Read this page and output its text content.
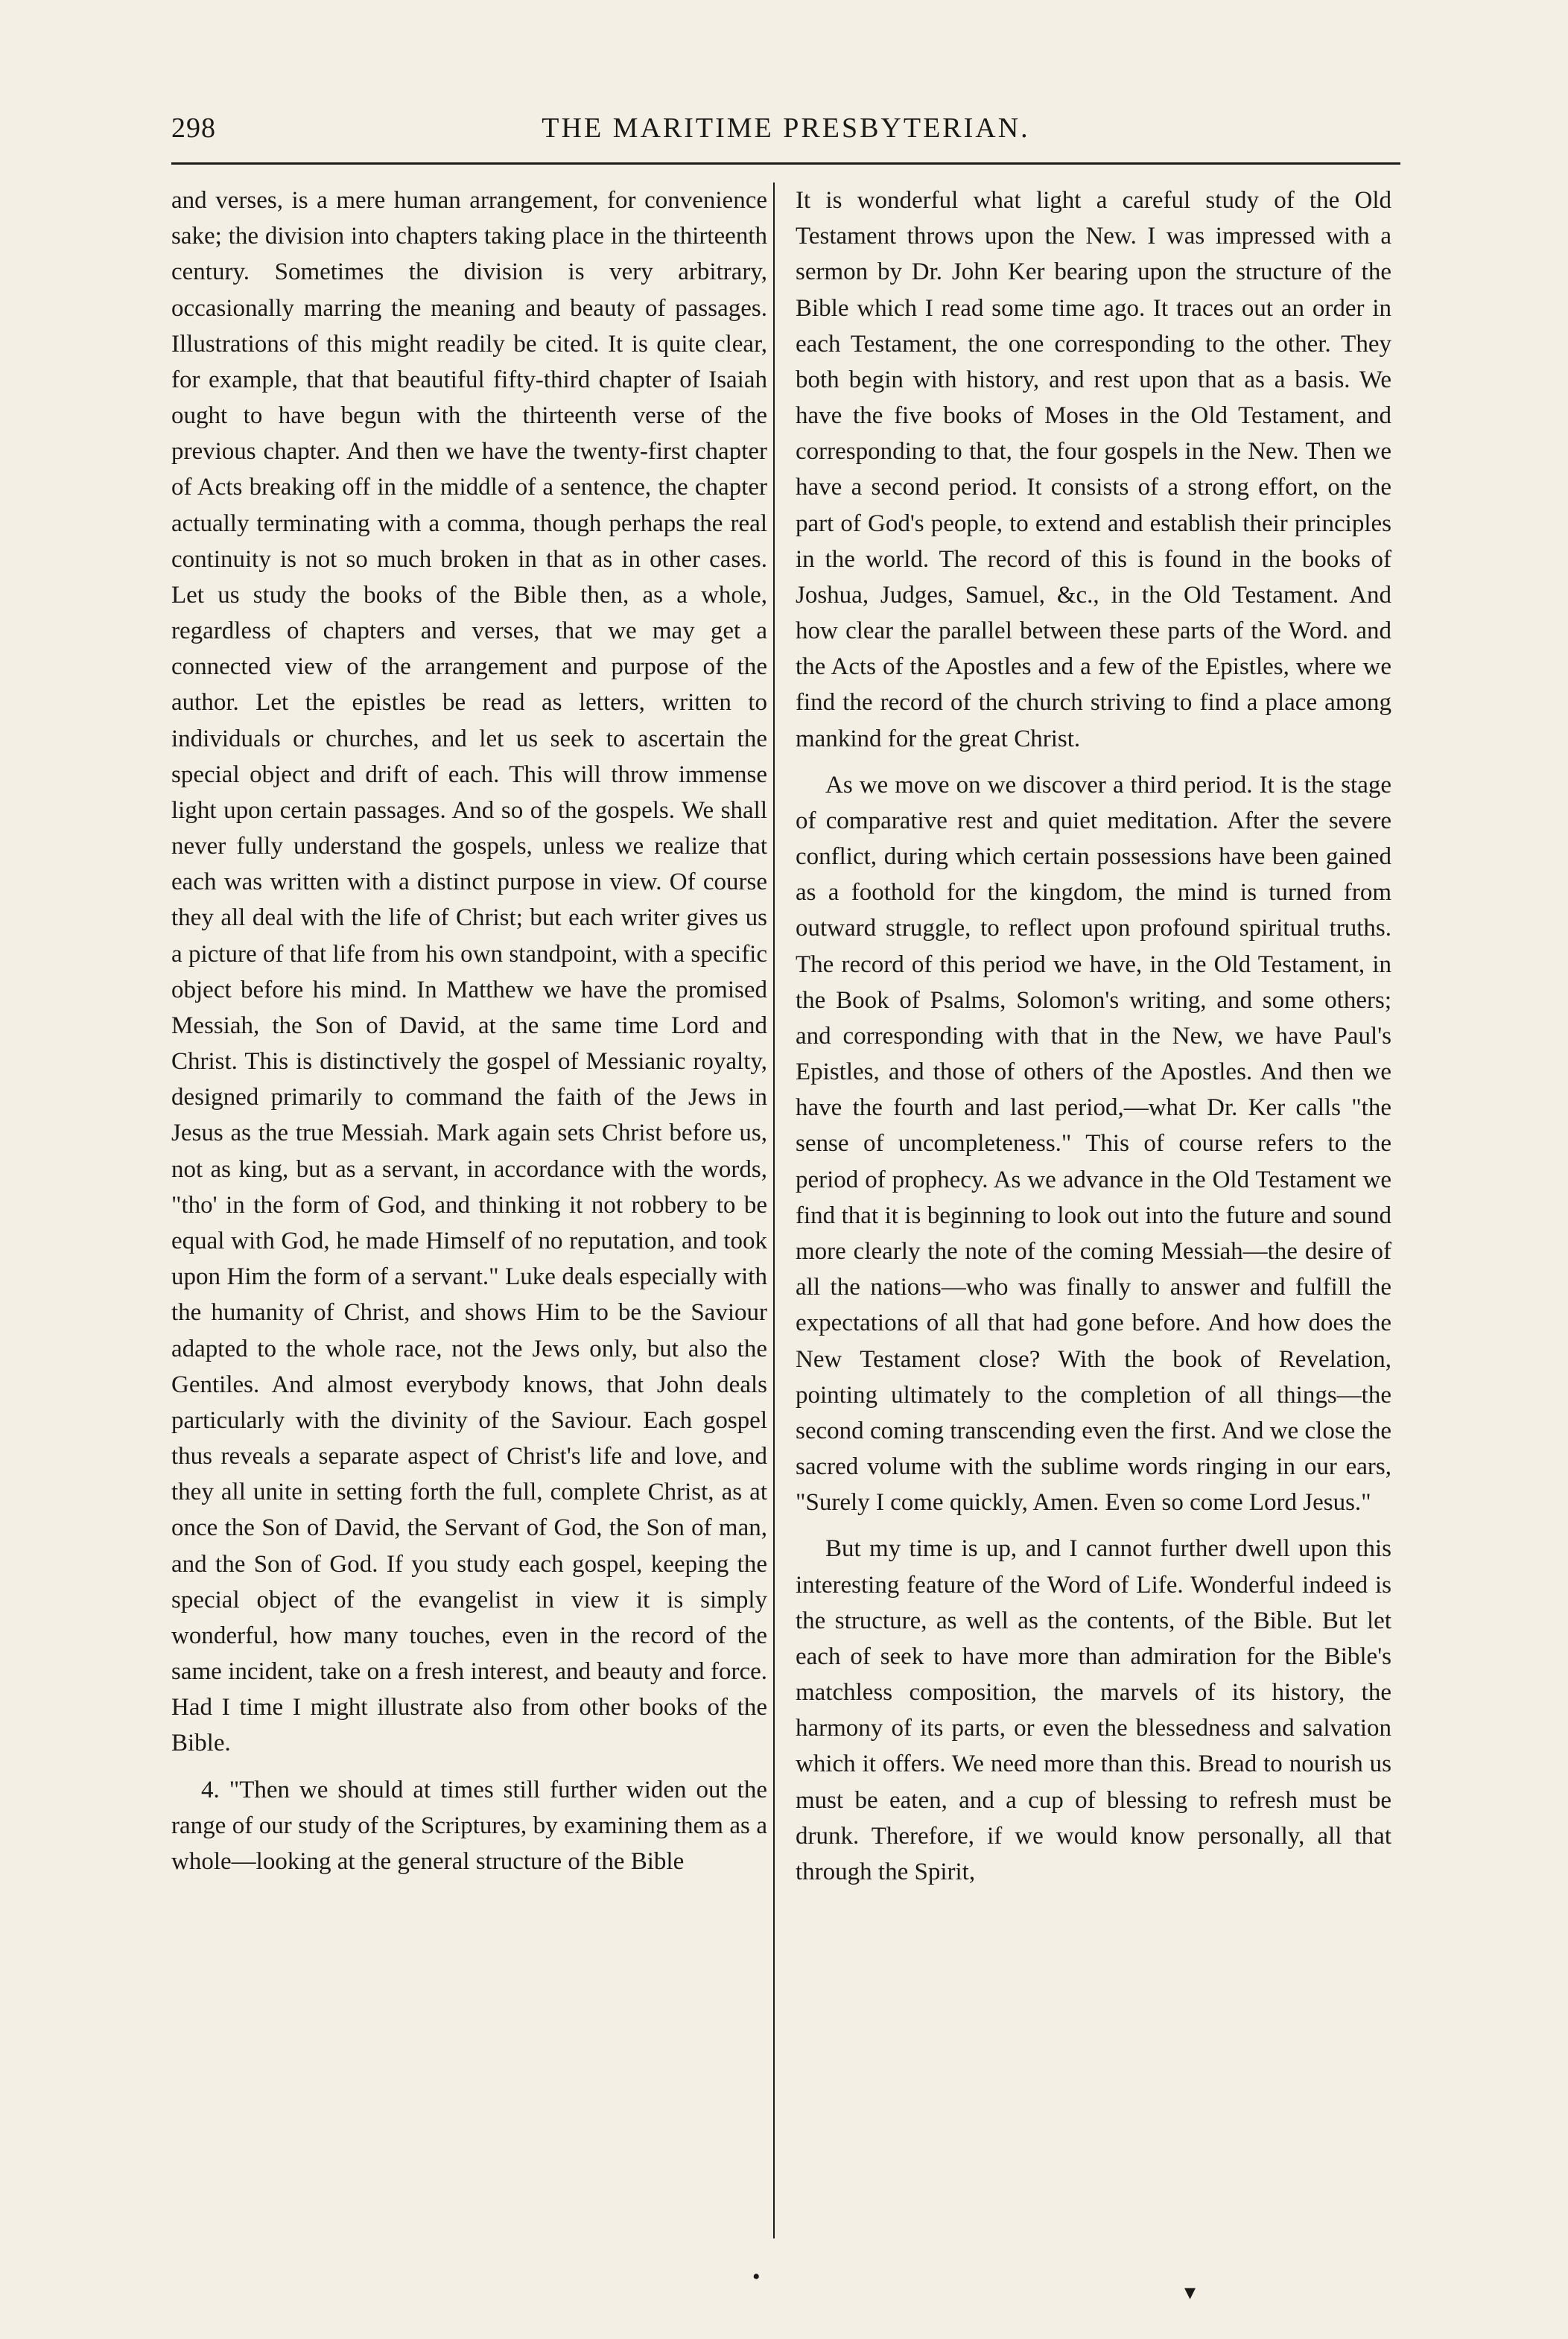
298	THE MARITIME PRESBYTERIAN.

and verses, is a mere human arrangement, for convenience sake; the division into chapters taking place in the thirteenth century. Sometimes the division is very arbitrary, occasionally marring the meaning and beauty of passages. Illustrations of this might readily be cited. It is quite clear, for example, that that beautiful fifty-third chapter of Isaiah ought to have begun with the thirteenth verse of the previous chapter. And then we have the twenty-first chapter of Acts breaking off in the middle of a sentence, the chapter actually terminating with a comma, though perhaps the real continuity is not so much broken in that as in other cases. Let us study the books of the Bible then, as a whole, regardless of chapters and verses, that we may get a connected view of the arrangement and purpose of the author. Let the epistles be read as letters, written to individuals or churches, and let us seek to ascertain the special object and drift of each. This will throw immense light upon certain passages. And so of the gospels. We shall never fully understand the gospels, unless we realize that each was written with a distinct purpose in view. Of course they all deal with the life of Christ; but each writer gives us a picture of that life from his own standpoint, with a specific object before his mind. In Matthew we have the promised Messiah, the Son of David, at the same time Lord and Christ. This is distinctively the gospel of Messianic royalty, designed primarily to command the faith of the Jews in Jesus as the true Messiah. Mark again sets Christ before us, not as king, but as a servant, in accordance with the words, "tho' in the form of God, and thinking it not robbery to be equal with God, he made Himself of no reputation, and took upon Him the form of a servant." Luke deals especially with the humanity of Christ, and shows Him to be the Saviour adapted to the whole race, not the Jews only, but also the Gentiles. And almost everybody knows, that John deals particularly with the divinity of the Saviour. Each gospel thus reveals a separate aspect of Christ's life and love, and they all unite in setting forth the full, complete Christ, as at once the Son of David, the Servant of God, the Son of man, and the Son of God. If you study each gospel, keeping the special object of the evangelist in view it is simply wonderful, how many touches, even in the record of the same incident, take on a fresh interest, and beauty and force. Had I time I might illustrate also from other books of the Bible.

4. "Then we should at times still further widen out the range of our study of the Scriptures, by examining them as a whole—looking at the general structure of the Bible

It is wonderful what light a careful study of the Old Testament throws upon the New. I was impressed with a sermon by Dr. John Ker bearing upon the structure of the Bible which I read some time ago. It traces out an order in each Testament, the one corresponding to the other. They both begin with history, and rest upon that as a basis. We have the five books of Moses in the Old Testament, and corresponding to that, the four gospels in the New. Then we have a second period. It consists of a strong effort, on the part of God's people, to extend and establish their principles in the world. The record of this is found in the books of Joshua, Judges, Samuel, &c., in the Old Testament. And how clear the parallel between these parts of the Word. and the Acts of the Apostles and a few of the Epistles, where we find the record of the church striving to find a place among mankind for the great Christ.

As we move on we discover a third period. It is the stage of comparative rest and quiet meditation. After the severe conflict, during which certain possessions have been gained as a foothold for the kingdom, the mind is turned from outward struggle, to reflect upon profound spiritual truths. The record of this period we have, in the Old Testament, in the Book of Psalms, Solomon's writing, and some others; and corresponding with that in the New, we have Paul's Epistles, and those of others of the Apostles. And then we have the fourth and last period,—what Dr. Ker calls "the sense of uncompleteness." This of course refers to the period of prophecy. As we advance in the Old Testament we find that it is beginning to look out into the future and sound more clearly the note of the coming Messiah—the desire of all the nations—who was finally to answer and fulfill the expectations of all that had gone before. And how does the New Testament close? With the book of Revelation, pointing ultimately to the completion of all things—the second coming transcending even the first. And we close the sacred volume with the sublime words ringing in our ears, "Surely I come quickly, Amen. Even so come Lord Jesus."

But my time is up, and I cannot further dwell upon this interesting feature of the Word of Life. Wonderful indeed is the structure, as well as the contents, of the Bible. But let each of seek to have more than admiration for the Bible's matchless composition, the marvels of its history, the harmony of its parts, or even the blessedness and salvation which it offers. We need more than this. Bread to nourish us must be eaten, and a cup of blessing to refresh must be drunk. Therefore, if we would know personally, all that through the Spirit,

•
▾
